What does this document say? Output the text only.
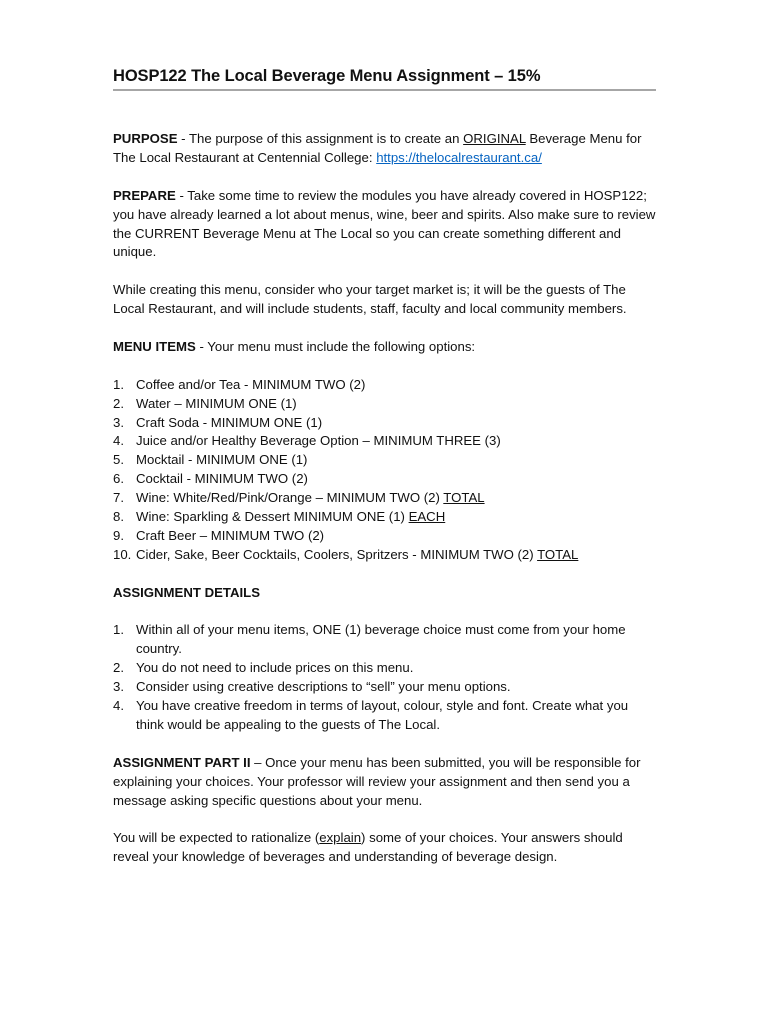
HOSP122 The Local Beverage Menu Assignment – 15%

PURPOSE - The purpose of this assignment is to create an ORIGINAL Beverage Menu for The Local Restaurant at Centennial College: https://thelocalrestaurant.ca/

PREPARE - Take some time to review the modules you have already covered in HOSP122; you have already learned a lot about menus, wine, beer and spirits. Also make sure to review the CURRENT Beverage Menu at The Local so you can create something different and unique.

While creating this menu, consider who your target market is; it will be the guests of The Local Restaurant, and will include students, staff, faculty and local community members.

MENU ITEMS - Your menu must include the following options:

1. Coffee and/or Tea - MINIMUM TWO (2)
2. Water – MINIMUM ONE (1)
3. Craft Soda - MINIMUM ONE (1)
4. Juice and/or Healthy Beverage Option – MINIMUM THREE (3)
5. Mocktail - MINIMUM ONE (1)
6. Cocktail - MINIMUM TWO (2)
7. Wine: White/Red/Pink/Orange – MINIMUM TWO (2) TOTAL
8. Wine: Sparkling & Dessert MINIMUM ONE (1) EACH
9. Craft Beer – MINIMUM TWO (2)
10. Cider, Sake, Beer Cocktails, Coolers, Spritzers - MINIMUM TWO (2) TOTAL

ASSIGNMENT DETAILS

1. Within all of your menu items, ONE (1) beverage choice must come from your home country.
2. You do not need to include prices on this menu.
3. Consider using creative descriptions to “sell” your menu options.
4. You have creative freedom in terms of layout, colour, style and font. Create what you think would be appealing to the guests of The Local.

ASSIGNMENT PART II – Once your menu has been submitted, you will be responsible for explaining your choices. Your professor will review your assignment and then send you a message asking specific questions about your menu.

You will be expected to rationalize (explain) some of your choices. Your answers should reveal your knowledge of beverages and understanding of beverage design.
